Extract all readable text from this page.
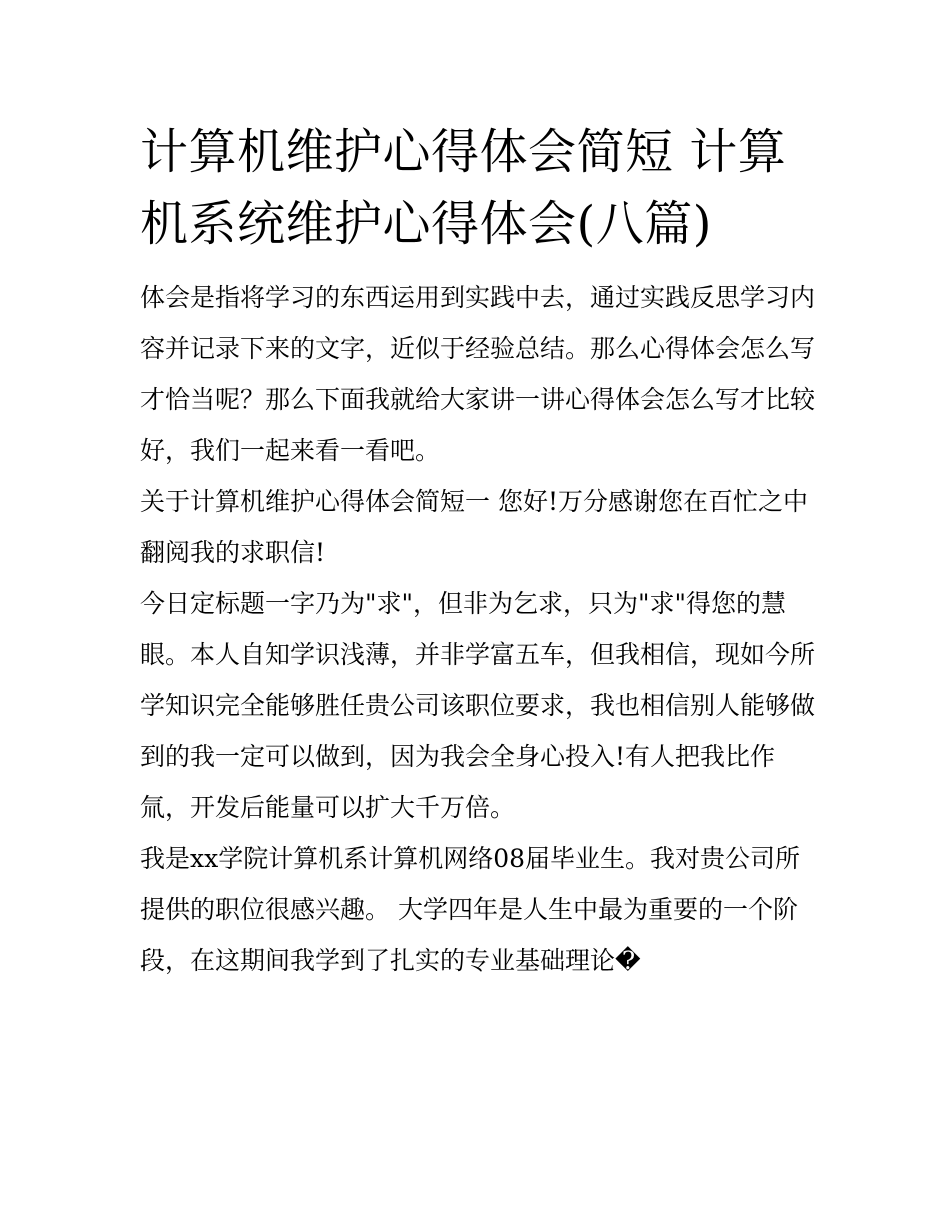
计算机维护心得体会简短 计算机系统维护心得体会(八篇)

体会是指将学习的东西运用到实践中去，通过实践反思学习内容并记录下来的文字，近似于经验总结。那么心得体会怎么写才恰当呢？那么下面我就给大家讲一讲心得体会怎么写才比较好，我们一起来看一看吧。

关于计算机维护心得体会简短一 您好!万分感谢您在百忙之中翻阅我的求职信!

今日定标题一字乃为"求"，但非为乞求，只为"求"得您的慧眼。本人自知学识浅薄，并非学富五车，但我相信，现如今所学知识完全能够胜任贵公司该职位要求，我也相信别人能够做到的我一定可以做到，因为我会全身心投入!有人把我比作氚，开发后能量可以扩大千万倍。

我是xx学院计算机系计算机网络08届毕业生。我对贵公司所提供的职位很感兴趣。 大学四年是人生中最为重要的一个阶段，在这期间我学到了扎实的专业基础理论�
